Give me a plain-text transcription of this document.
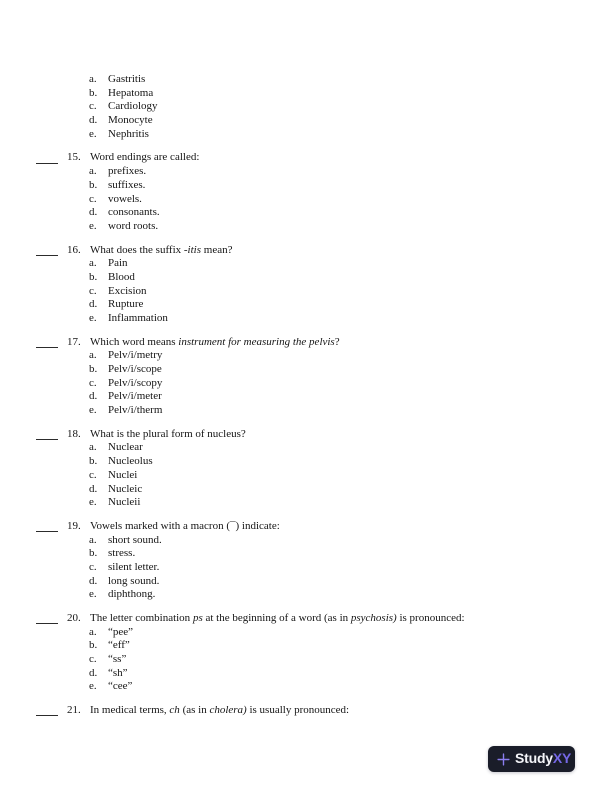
a. Gastritis
b. Hepatoma
c. Cardiology
d. Monocyte
e. Nephritis
15. Word endings are called:
a. prefixes.
b. suffixes.
c. vowels.
d. consonants.
e. word roots.
16. What does the suffix -itis mean?
a. Pain
b. Blood
c. Excision
d. Rupture
e. Inflammation
17. Which word means instrument for measuring the pelvis?
a. Pelv/i/metry
b. Pelv/i/scope
c. Pelv/i/scopy
d. Pelv/i/meter
e. Pelv/i/therm
18. What is the plural form of nucleus?
a. Nuclear
b. Nucleolus
c. Nuclei
d. Nucleic
e. Nucleii
19. Vowels marked with a macron (¯) indicate:
a. short sound.
b. stress.
c. silent letter.
d. long sound.
e. diphthong.
20. The letter combination ps at the beginning of a word (as in psychosis) is pronounced:
a. “pee”
b. “eff”
c. “ss”
d. “sh”
e. “cee”
21. In medical terms, ch (as in cholera) is usually pronounced:
Study XY
